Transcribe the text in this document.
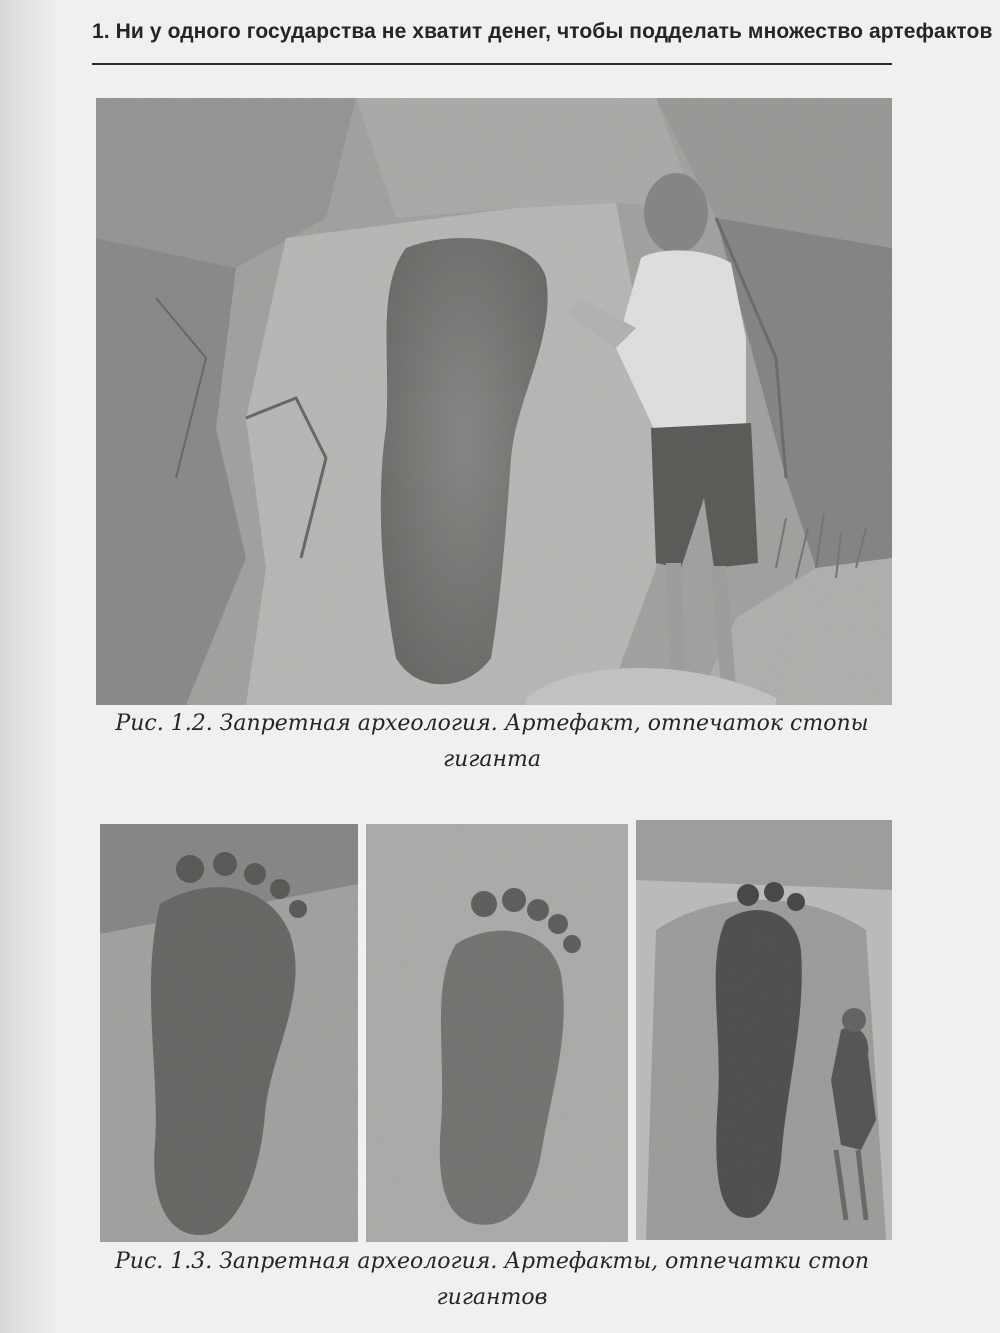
1. Ни у одного государства не хватит денег, чтобы подделать множество артефактов
Рис. 1.2. Запретная археология. Артефакт, отпечаток стопы
гиганта
Рис. 1.3. Запретная археология. Артефакты, отпечатки стоп
гигантов
